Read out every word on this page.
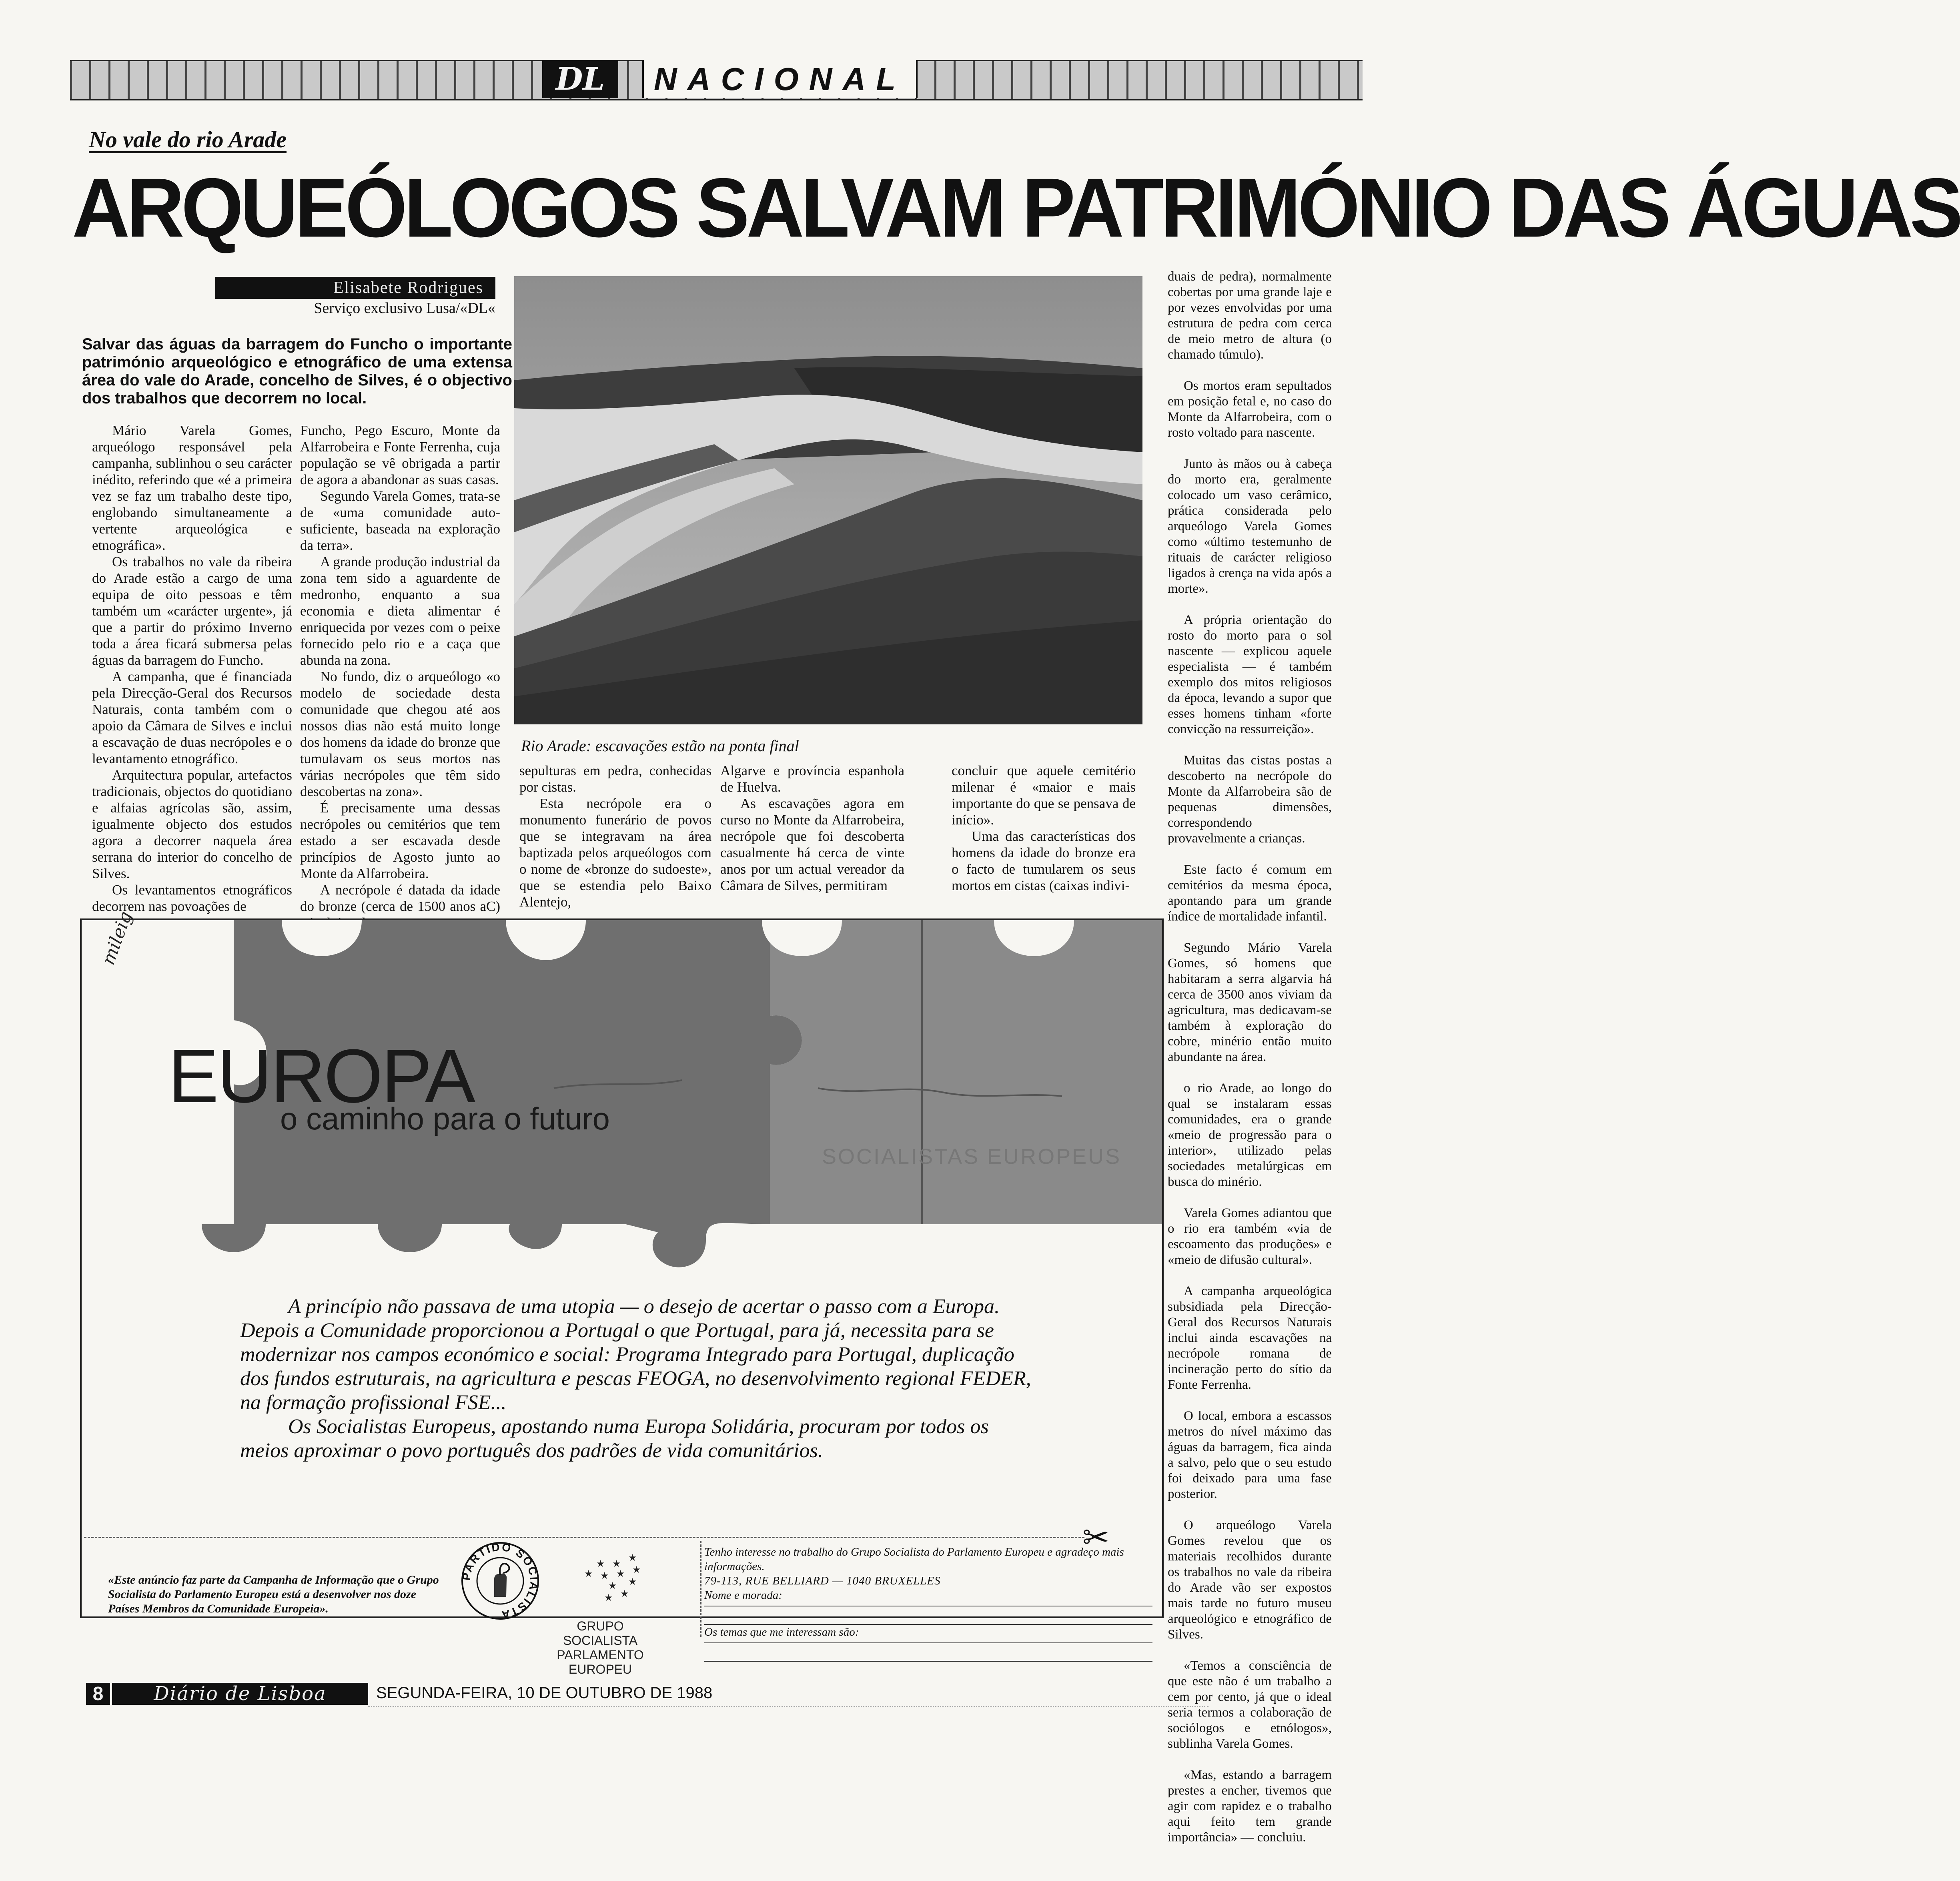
DL	NACIONAL
No vale do rio Arade
ARQUEÓLOGOS SALVAM PATRIMÓNIO DAS ÁGUAS
Elisabete Rodrigues
Serviço exclusivo Lusa/«DL«
Salvar das águas da barragem do Funcho o importante património arqueológico e etnográfico de uma extensa área do vale do Arade, concelho de Silves, é o objectivo dos trabalhos que decorrem no local.

Mário Varela Gomes, arqueólogo responsável pela campanha, sublinhou o seu carácter inédito, referindo que «é a primeira vez se faz um trabalho deste tipo, englobando simultaneamente a vertente arqueológica e etnográfica».

Os trabalhos no vale da ribeira do Arade estão a cargo de uma equipa de oito pessoas e têm também um «carácter urgente», já que a partir do próximo Inverno toda a área ficará submersa pelas águas da barragem do Funcho.

A campanha, que é financiada pela Direcção-Geral dos Recursos Naturais, conta também com o apoio da Câmara de Silves e inclui a escavação de duas necrópoles e o levantamento etnográfico.

Arquitectura popular, artefactos tradicionais, objectos do quotidiano e alfaias agrícolas são, assim, igualmente objecto dos estudos agora a decorrer naquela área serrana do interior do concelho de Silves.

Os levantamentos etnográficos decorrem nas povoações de

Funcho, Pego Escuro, Monte da Alfarrobeira e Fonte Ferrenha, cuja população se vê obrigada a partir de agora a abandonar as suas casas.

Segundo Varela Gomes, trata-se de «uma comunidade auto-suficiente, baseada na exploração da terra».

A grande produção industrial da zona tem sido a aguardente de medronho, enquanto a sua economia e dieta alimentar é enriquecida por vezes com o peixe fornecido pelo rio e a caça que abunda na zona.

No fundo, diz o arqueólogo «o modelo de sociedade desta comunidade que chegou até aos nossos dias não está muito longe dos homens da idade do bronze que tumulavam os seus mortos nas várias necrópoles que têm sido descobertas na zona».

É precisamente uma dessas necrópoles ou cemitérios que tem estado a ser escavada desde princípios de Agosto junto ao Monte da Alfarrobeira.

A necrópole é datada da idade do bronze (cerca de 1500 anos aC)

Rio Arade: escavações estão na ponta final

sepulturas em pedra, conhecidas por cistas.

Esta necrópole era o monumento funerário de povos que se integravam na área baptizada pelos arqueólogos com o nome de «bronze do sudoeste», que se estendia pelo Baixo Alentejo,

Algarve e província espanhola de Huelva.

As escavações agora em curso no Monte da Alfarrobeira, necrópole que foi descoberta casualmente há cerca de vinte anos por um actual vereador da Câmara de Silves, permitiram

concluir que aquele cemitério milenar é «maior e mais importante do que se pensava de início».

Uma das características dos homens da idade do bronze era o facto de tumularem os seus mortos em cistas (caixas indivi-

duais de pedra), normalmente cobertas por uma grande laje e por vezes envolvidas por uma estrutura de pedra com cerca de meio metro de altura (o chamado túmulo).

Os mortos eram sepultados em posição fetal e, no caso do Monte da Alfarrobeira, com o rosto voltado para nascente.

Junto às mãos ou à cabeça do morto era, geralmente colocado um vaso cerâmico, prática considerada pelo arqueólogo Varela Gomes como «último testemunho de rituais de carácter religioso ligados à crença na vida após a morte».

A própria orientação do rosto do morto para o sol nascente — explicou aquele especialista — é também exemplo dos mitos religiosos da época, levando a supor que esses homens tinham «forte convicção na ressurreição».

Muitas das cistas postas a descoberto na necrópole do Monte da Alfarrobeira são de pequenas dimensões, correspondendo provavelmente a crianças.

Este facto é comum em cemitérios da mesma época, apontando para um grande índice de mortalidade infantil.

Segundo Mário Varela Gomes, só homens que habitaram a serra algarvia há cerca de 3500 anos viviam da agricultura, mas dedicavam-se também à exploração do cobre, minério então muito abundante na área.

o rio Arade, ao longo do qual se instalaram essas comunidades, era o grande «meio de progressão para o interior», utilizado pelas sociedades metalúrgicas em busca do minério.

Varela Gomes adiantou que o rio era também «via de escoamento das produções» e «meio de difusão cultural».

A campanha arqueológica subsidiada pela Direcção-Geral dos Recursos Naturais inclui ainda escavações na necrópole romana de incineração perto do sítio da Fonte Ferrenha.

O local, embora a escassos metros do nível máximo das águas da barragem, fica ainda a salvo, pelo que o seu estudo foi deixado para uma fase posterior.

O arqueólogo Varela Gomes revelou que os materiais recolhidos durante os trabalhos no vale da ribeira do Arade vão ser expostos mais tarde no futuro museu arqueológico e etnográfico de Silves.

«Temos a consciência de que este não é um trabalho a cem por cento, já que o ideal seria termos a colaboração de sociólogos e etnólogos», sublinha Varela Gomes.

«Mas, estando a barragem prestes a encher, tivemos que agir com rapidez e o trabalho aqui feito tem grande importância» — concluiu.

SOCIALISTAS EUROPEUS
mileig
EUROPA
o caminho para o futuro

A princípio não passava de uma utopia — o desejo de acertar o passo com a Europa. Depois a Comunidade proporcionou a Portugal o que Portugal, para já, necessita para se modernizar nos campos económico e social: Programa Integrado para Portugal, duplicação dos fundos estruturais, na agricultura e pescas FEOGA, no desenvolvimento regional FEDER, na formação profissional FSE...

Os Socialistas Europeus, apostando numa Europa Solidária, procuram por todos os meios aproximar o povo português dos padrões de vida comunitários.

✂
«Este anúncio faz parte da Campanha de Informação que o Grupo Socialista do Parlamento Europeu está a desenvolver nos doze Países Membros da Comunidade Europeia».
PARTIDO SOCIALISTA
★
★
★
★
★
★
★
★
★
★
★
GRUPO SOCIALISTA PARLAMENTO EUROPEU
Tenho interesse no trabalho do Grupo Socialista do Parlamento Europeu e agradeço mais informações.
79-113, RUE BELLIARD — 1040 BRUXELLES
Nome e morada:
Os temas que me interessam são:
8	Diário de Lisboa	SEGUNDA-FEIRA, 10 DE OUTUBRO DE 1988
